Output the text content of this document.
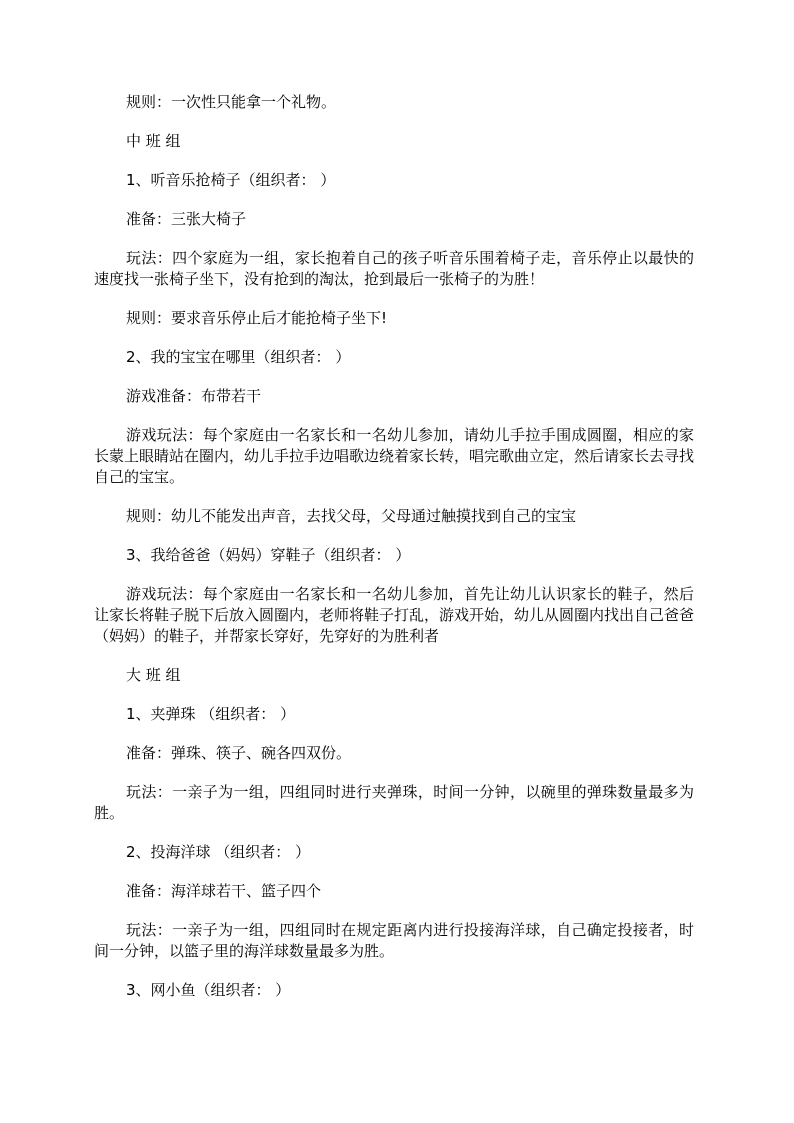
规则：一次性只能拿一个礼物。

中 班 组

1、听音乐抢椅子（组织者： ）

准备：三张大椅子

玩法：四个家庭为一组，家长抱着自己的孩子听音乐围着椅子走，音乐停止以最快的速度找一张椅子坐下，没有抢到的淘汰，抢到最后一张椅子的为胜！

规则：要求音乐停止后才能抢椅子坐下!

2、我的宝宝在哪里（组织者： ）

游戏准备：布带若干

游戏玩法：每个家庭由一名家长和一名幼儿参加，请幼儿手拉手围成圆圈，相应的家长蒙上眼睛站在圈内，幼儿手拉手边唱歌边绕着家长转，唱完歌曲立定，然后请家长去寻找自己的宝宝。

规则：幼儿不能发出声音，去找父母，父母通过触摸找到自己的宝宝

3、我给爸爸（妈妈）穿鞋子（组织者： ）

游戏玩法：每个家庭由一名家长和一名幼儿参加，首先让幼儿认识家长的鞋子，然后让家长将鞋子脱下后放入圆圈内，老师将鞋子打乱，游戏开始，幼儿从圆圈内找出自己爸爸（妈妈）的鞋子，并帮家长穿好，先穿好的为胜利者

大 班 组

1、夹弹珠 （组织者： ）

准备：弹珠、筷子、碗各四双份。

玩法：一亲子为一组，四组同时进行夹弹珠，时间一分钟，以碗里的弹珠数量最多为胜。

2、投海洋球 （组织者： ）

准备：海洋球若干、篮子四个

玩法：一亲子为一组，四组同时在规定距离内进行投接海洋球，自己确定投接者，时间一分钟，以篮子里的海洋球数量最多为胜。

3、网小鱼（组织者： ）
